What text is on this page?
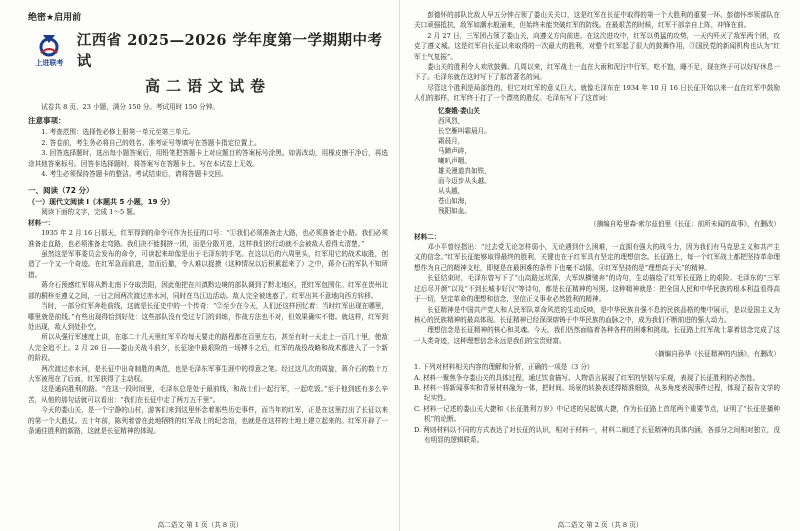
绝密★启用前
上进联考
江西省 2025—2026 学年度第一学期期中考试
高二语文试卷
试卷共 8 页，23 小题，满分 150 分。考试用时 150 分钟。
注意事项：
1. 考查范围：选择性必修上册第一单元至第三单元。
2. 答卷前，考生务必将自己的姓名、准考证号等填写在答题卡指定位置上。
3. 回答选择题时，选出每小题答案后，用铅笔把答题卡上对应题目的答案标号涂黑。如需改动，用橡皮擦干净后，再选涂其他答案标号。回答非选择题时，将答案写在答题卡上。写在本试卷上无效。
4. 考生必须保持答题卡的整洁。考试结束后，请将答题卡交回。
一、阅读（72 分）
（一）现代文阅读 Ⅰ（本题共 5 小题，19 分）
阅读下面的文字，完成 1～5 题。
材料一：

1935 年 2 月 16 日那天，红军得到的命令可作为长征的口号：“①我们必须准备走大路，也必须准备走小路。我们必须准备走直路，也必须准备走弯路。我们决不能拥挤一团，而是分散开进，这样我们的行动就不会被敌人看得太清楚。”

虽然这是军事委员会发布的命令，可读起来却像是出于毛泽东的手笔。在这以后的六周里头，红军用它的战术取胜，创造了一个又一个奇迹。在红军急而前进，忽而后撤，令人难以捉摸（这种情况以后积累起来了）之中，蒋介石的军队不知所措。

蒋介石预感红军将从黔北南下夺取贵阳，因此他把在川滇黔边境的部队调到了黔北地区，把红军包围住。红军在贵州北部的桐梓至遵义之间，一日之间两次渡过赤水河，同时在乌江边活动。敌人完全被迷惑了。红军出其不意地向西方转移。

当时，一部分红军奔赴前线，这就是长征史中的一个传奇：“②至少在今天，人们还这样回忆着：当时红军出现在哪里，哪里就是前线。”有些出现得恰到好处：这些部队没有受过专门的训练，作战方法也不对，但效果确实不错。就这样，红军到处出现，敌人到处扑空。

所以从强行军速度上讲，在那二十几天里红军平均每天要走的路程都在百里左右，甚至有时一天走上一百几十里，使敌人完全追不上。2 月 26 日——娄山关战斗前夕，长征途中最艰险的一场搏斗之后，红军的战役战略和战术都进入了一个新的阶段。

两次渡过赤水河，是长征中出奇制胜的典范，也是毛泽东军事生涯中的得意之笔。经过这几次的周旋，蒋介石的数十万大军被甩在了后面，红军获得了主动权。

这是通向胜利的路。“在这一段时间里，毛泽东总是处于最前线，和战士们一起行军，一起吃饭。”至于他到底有多么辛苦，从他的那句话就可以看出：“我们在长征中走了两万五千里”。

今天的娄山关，是一个宁静的山村，游客们来到这里怀念着那些历史事件，而当年的红军，正是在这里打出了长征以来的第一个大胜仗。五十年前，陈列着曾在此地牺牲的红军战士的纪念馆，也就是在这样的土地上建立起来的。红军开辟了一条通往胜利的新路，这就是长征精神的体现。

高二语文 第 1 页（共 8 页）

彭德怀的部队比敌人早五分钟占领了娄山关关口，这是红军在长征中取得的第一个大胜利的重要一环。彭德怀率领部队在关口顽强抵抗，敌军如潮水般涌来，但始终未能突破红军的防线。在最艰苦的时候，红军干部亲自上阵，冲锋在前。

2 月 27 日，三军团占领了娄山关，向遵义方向前进。在这次进攻中，红军以勇猛的攻势，一天内歼灭了敌军两个团，攻克了遵义城。这是红军自长征以来取得的一次最大的胜利，对整个红军起了很大的鼓舞作用，③国民党的新闻机构也认为“红军士气复振”。

娄山关的胜利令人欢欣鼓舞。几周以来，红军战士一直在大雨和泥泞中行军，吃不饱，睡不足，现在终于可以好好休息一下了。毛泽东就在这时写下了那首著名的词。

尽管这个胜利是局部性的，但它对红军的意义巨大。就像毛泽东在 1934 年 10 月 16 日长征开始以来一直在红军中鼓励人们的那样，红军终于打了一个漂亮的胜仗。毛泽东写下了这首词：

忆秦娥·娄山关
西风烈，
长空雁叫霜晨月。
霜晨月，
马蹄声碎，
喇叭声咽。
雄关漫道真如铁，
而今迈步从头越。
从头越，
苍山如海，
残阳如血。
（摘编自哈里森·索尔兹伯里《长征：前所未闻的故事》，有删改）
材料二：

邓小平曾经指出：“过去党无论怎样弱小，无论遇到什么困难，一直拥有强大的战斗力，因为我们有马克思主义和共产主义的信念。”红军长征能够取得最终的胜利，关键也在于红军具有坚定的理想信念。长征路上，每一个红军战士都把坚持革命理想作为自己的精神支柱，即便是在最困难的条件下也毫不动摇，④红军坚持的是“理想高于天”的精神。

长征结束时，毛泽东曾写下了“山高路远坑深，大军纵横驰奔”的诗句，生动描绘了红军长征路上的艰险。毛泽东的“三军过后尽开颜”以及“不到长城非好汉”等诗句，都是长征精神的写照。这种精神就是：把全国人民和中华民族的根本利益看得高于一切，坚定革命的理想和信念，坚信正义事业必然胜利的精神。

长征精神是中国共产党人和人民军队革命风范的生动反映，是中华民族自强不息的民族品格的集中展示，是以爱国主义为核心的民族精神的最高体现。长征精神已经深深熔铸于中华民族的血脉之中，成为我们不断前进的强大动力。

理想信念是长征精神的核心和灵魂。今天，我们仍然面临着各种各样的困难和挑战。长征路上红军战士靠着信念完成了这一人类奇迹，这种理想信念永远是我们的宝贵财富。

（摘编自孙华《长征精神的内涵》，有删改）
1. 下列对材料相关内容的理解和分析，正确的一项是（3 分）
A. 材料一聚焦争夺娄山关的具体过程，通过饮食描写、人物语言展现了红军的坚韧与乐观，表现了长征胜利的必然性。
B. 材料一将新闻事实和背景材料融为一体，把时间、场景的转换表述得精准细致，从多角度表现事件过程，体现了报告文学的纪实性。
C. 材料一记述的娄山关大捷和《长征胜利万岁》中记述的吴起镇大捷，作为长征路上首尾两个重要节点，证明了“长征是播种机”的论断。
D. 两则材料以不同的方式表达了对长征的认识，相对于材料一，材料二阐述了长征精神的具体内涵，各部分之间相对独立，没有明显的逻辑联系。
高二语文 第 2 页（共 8 页）
